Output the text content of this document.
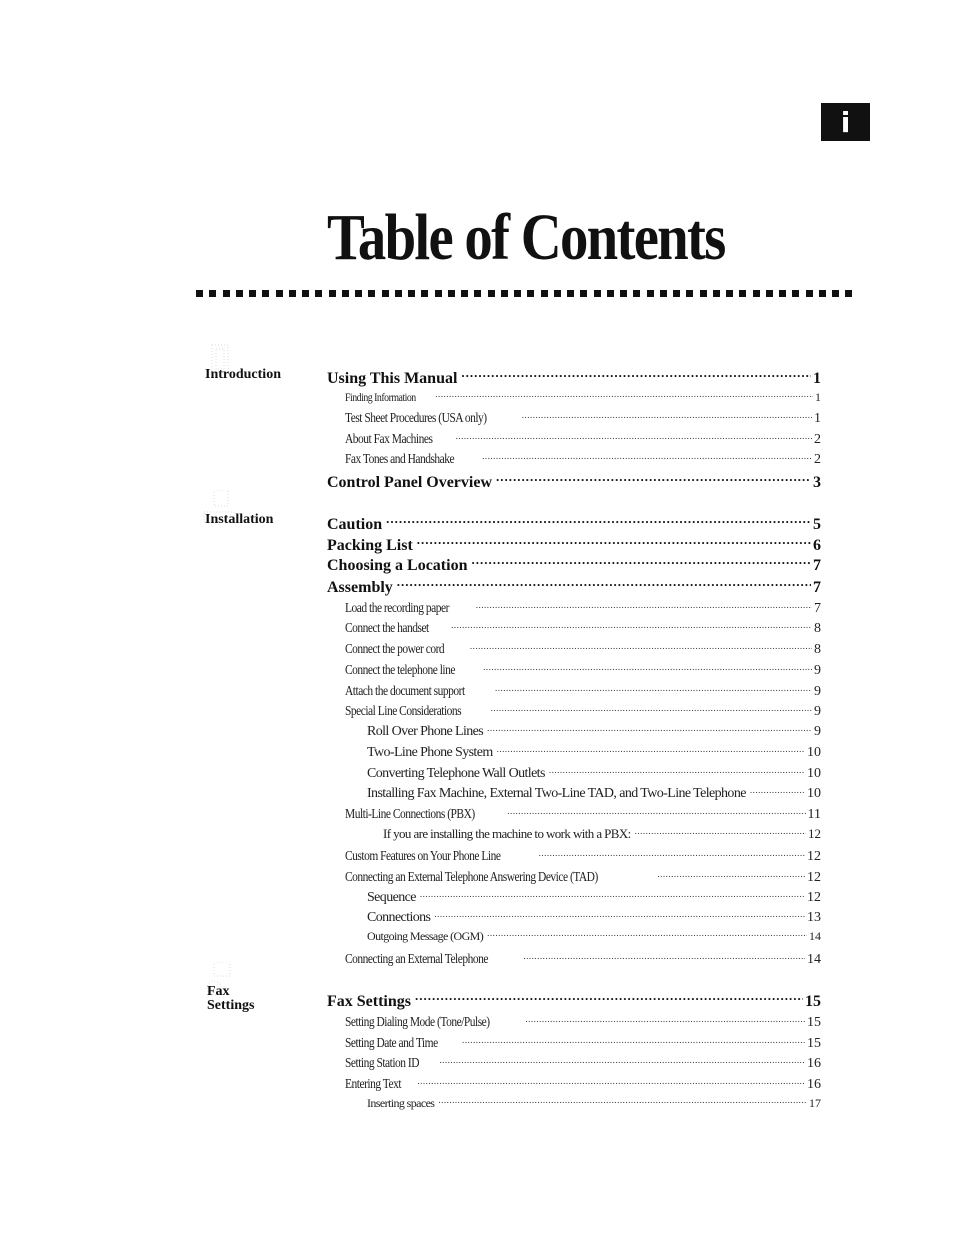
i
Table of Contents
Introduction
Installation
Fax Settings
Using This Manual .....	1
Finding Information .....	1
Test Sheet Procedures (USA only) .....	1
About Fax Machines .....	2
Fax Tones and Handshake .....	2
Control Panel Overview .....	3
Caution .....	5
Packing List .....	6
Choosing a Location .....	7
Assembly .....	7
Load the recording paper .....	7
Connect the handset .....	8
Connect the power cord .....	8
Connect the telephone line .....	9
Attach the document support .....	9
Special Line Considerations .....	9
Roll Over Phone Lines .....	9
Two-Line Phone System .....	10
Converting Telephone Wall Outlets .....	10
Installing Fax Machine, External Two-Line TAD, and Two-Line Telephone .....	10
Multi-Line Connections (PBX) .....	11
If you are installing the machine to work with a PBX: .....	12
Custom Features on Your Phone Line .....	12
Connecting an External Telephone Answering Device (TAD) .....	12
Sequence .....	12
Connections .....	13
Outgoing Message (OGM) .....	14
Connecting an External Telephone .....	14
Fax Settings .....	15
Setting Dialing Mode (Tone/Pulse) .....	15
Setting Date and Time .....	15
Setting Station ID .....	16
Entering Text .....	16
Inserting spaces .....	17
